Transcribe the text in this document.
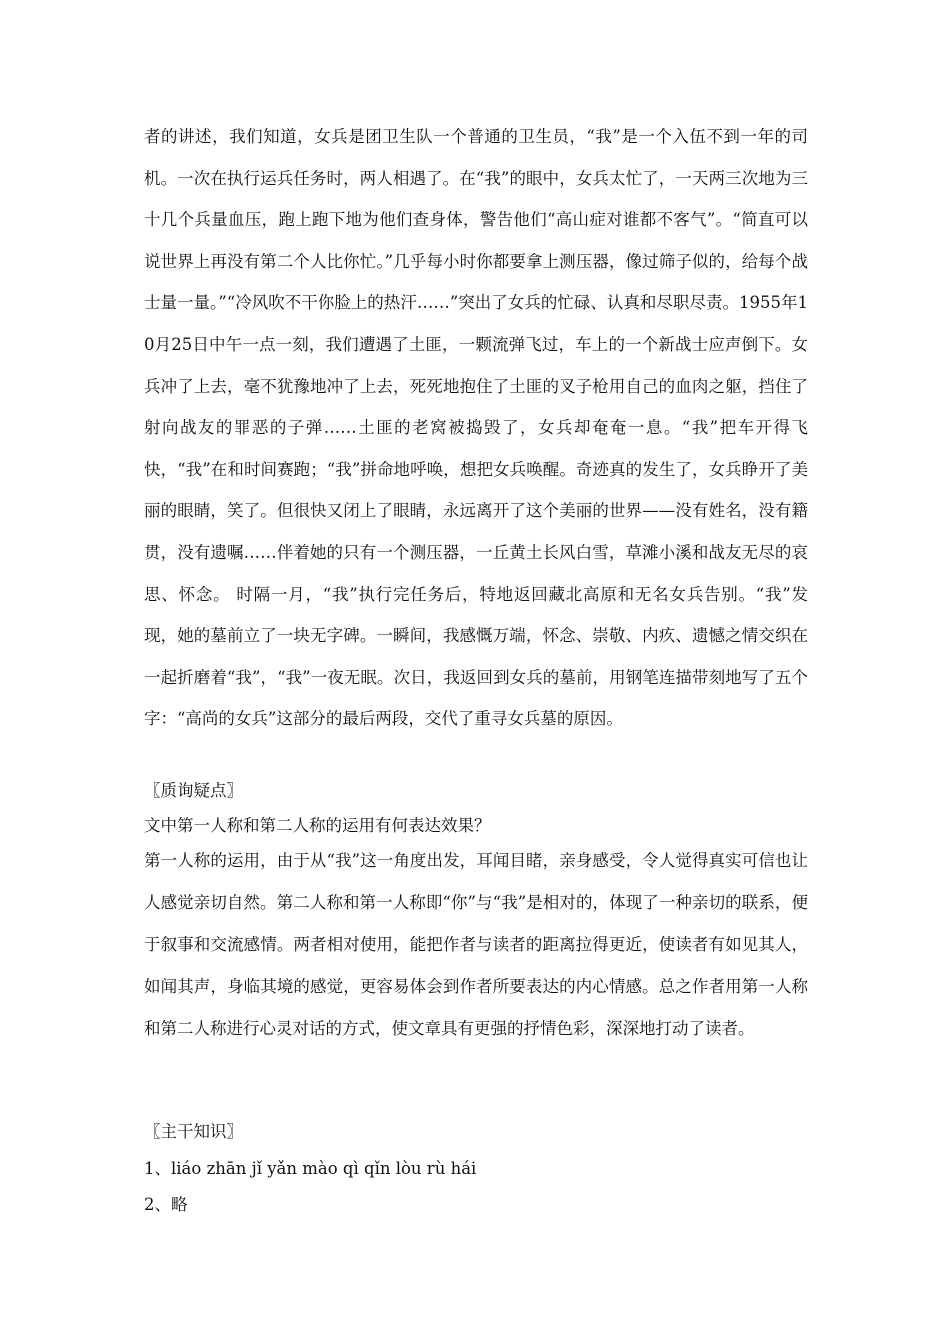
者的讲述，我们知道，女兵是团卫生队一个普通的卫生员，“我”是一个入伍不到一年的司机。一次在执行运兵任务时，两人相遇了。在“我”的眼中，女兵太忙了，一天两三次地为三十几个兵量血压，跑上跑下地为他们查身体，警告他们“高山症对谁都不客气”。“简直可以说世界上再没有第二个人比你忙。”几乎每小时你都要拿上测压器，像过筛子似的，给每个战士量一量。”“冷风吹不干你脸上的热汗……”突出了女兵的忙碌、认真和尽职尽责。1955年10月25日中午一点一刻，我们遭遇了土匪，一颗流弹飞过，车上的一个新战士应声倒下。女兵冲了上去，毫不犹豫地冲了上去，死死地抱住了土匪的叉子枪用自己的血肉之躯，挡住了射向战友的罪恶的子弹……土匪的老窝被捣毁了，女兵却奄奄一息。“我”把车开得飞快，“我”在和时间赛跑；“我”拼命地呼唤，想把女兵唤醒。奇迹真的发生了，女兵睁开了美丽的眼睛，笑了。但很快又闭上了眼睛，永远离开了这个美丽的世界——没有姓名，没有籍贯，没有遗嘱……伴着她的只有一个测压器，一丘黄土长风白雪，草滩小溪和战友无尽的哀思、怀念。 时隔一月，“我”执行完任务后，特地返回藏北高原和无名女兵告别。“我”发现，她的墓前立了一块无字碑。一瞬间，我感慨万端，怀念、崇敬、内疚、遗憾之情交织在一起折磨着“我”，“我”一夜无眠。次日，我返回到女兵的墓前，用钢笔连描带刻地写了五个字：“高尚的女兵”这部分的最后两段，交代了重寻女兵墓的原因。

〖质询疑点〗

文中第一人称和第二人称的运用有何表达效果？

第一人称的运用，由于从“我”这一角度出发，耳闻目睹，亲身感受，令人觉得真实可信也让人感觉亲切自然。第二人称和第一人称即“你”与“我”是相对的，体现了一种亲切的联系，便于叙事和交流感情。两者相对使用，能把作者与读者的距离拉得更近，使读者有如见其人，如闻其声，身临其境的感觉，更容易体会到作者所要表达的内心情感。总之作者用第一人称和第二人称进行心灵对话的方式，使文章具有更强的抒情色彩，深深地打动了读者。

〖主干知识〗

1、liáo zhān jǐ yǎn mào qì qǐn lòu rù hái

2、略
